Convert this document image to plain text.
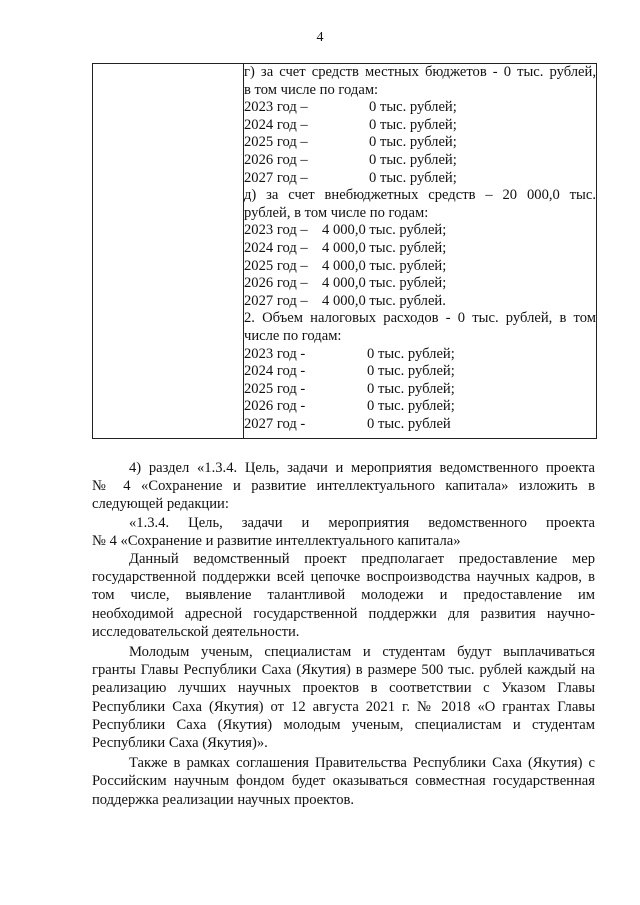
4

г) за счет средств местных бюджетов - 0 тыс. рублей,
в том числе по годам:
2023 год –	0 тыс. рублей;
2024 год –	0 тыс. рублей;
2025 год –	0 тыс. рублей;
2026 год –	0 тыс. рублей;
2027 год –	0 тыс. рублей;
д) за счет внебюджетных средств – 20 000,0 тыс.
рублей, в том числе по годам:
2023 год – 4 000,0 тыс. рублей;
2024 год – 4 000,0 тыс. рублей;
2025 год – 4 000,0 тыс. рублей;
2026 год – 4 000,0 тыс. рублей;
2027 год – 4 000,0 тыс. рублей.
2. Объем налоговых расходов - 0 тыс. рублей, в том
числе по годам:
2023 год -	0 тыс. рублей;
2024 год -	0 тыс. рублей;
2025 год -	0 тыс. рублей;
2026 год -	0 тыс. рублей;
2027 год -	0 тыс. рублей
4) раздел «1.3.4. Цель, задачи и мероприятия ведомственного проекта
№ 4 «Сохранение и развитие интеллектуального капитала» изложить в
следующей редакции:
«1.3.4. Цель, задачи и мероприятия ведомственного проекта
№ 4 «Сохранение и развитие интеллектуального капитала»
Данный ведомственный проект предполагает предоставление мер
государственной поддержки всей цепочке воспроизводства научных кадров, в
том числе, выявление талантливой молодежи и предоставление им
необходимой адресной государственной поддержки для развития научно-
исследовательской деятельности.
Молодым ученым, специалистам и студентам будут выплачиваться
гранты Главы Республики Саха (Якутия) в размере 500 тыс. рублей каждый на
реализацию лучших научных проектов в соответствии с Указом Главы
Республики Саха (Якутия) от 12 августа 2021 г. № 2018 «О грантах Главы
Республики Саха (Якутия) молодым ученым, специалистам и студентам
Республики Саха (Якутия)».
Также в рамках соглашения Правительства Республики Саха (Якутия) с
Российским научным фондом будет оказываться совместная государственная
поддержка реализации научных проектов.
